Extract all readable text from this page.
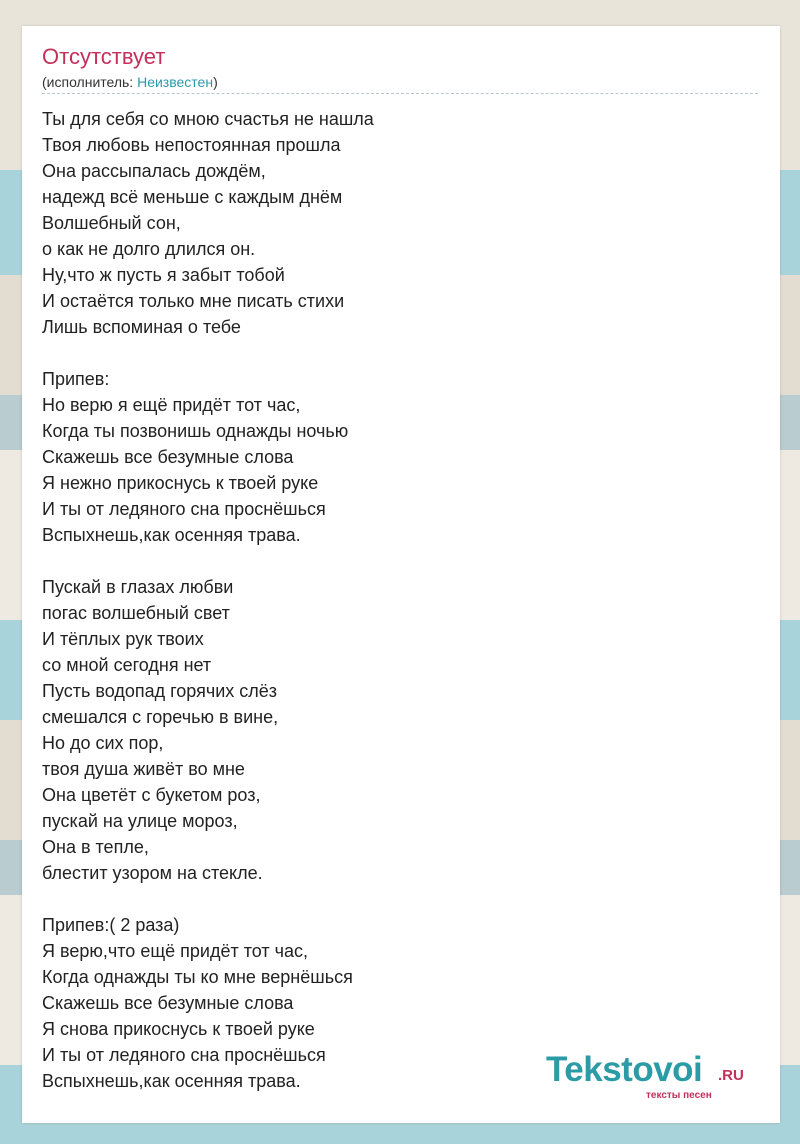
Отсутствует
(исполнитель: Неизвестен)
Ты для себя со мною счастья не нашла
Твоя любовь непостоянная прошла
Она рассыпалась дождём,
надежд всё меньше с каждым днём
Волшебный сон,
о как не долго длился он.
Ну,что ж пусть я забыт тобой
И остаётся только мне писать стихи
Лишь вспоминая о тебе
Припев:
Но верю я ещё придёт тот час,
Когда ты позвонишь однажды ночью
Скажешь все безумные слова
Я нежно прикоснусь к твоей руке
И ты от ледяного сна проснёшься
Вспыхнешь,как осенняя трава.
Пускай в глазах любви
погас волшебный свет
И тёплых рук твоих
со мной сегодня нет
Пусть водопад горячих слёз
смешался с горечью в вине,
Но до сих пор,
твоя душа живёт во мне
Она цветёт с букетом роз,
пускай на улице мороз,
Она в тепле,
блестит узором на стекле.
Припев:( 2 раза)
Я верю,что ещё придёт тот час,
Когда однажды ты ко мне вернёшься
Скажешь все безумные слова
Я снова прикоснусь к твоей руке
И ты от ледяного сна проснёшься
Вспыхнешь,как осенняя трава.	Tekstovoi .RU
тексты песен
